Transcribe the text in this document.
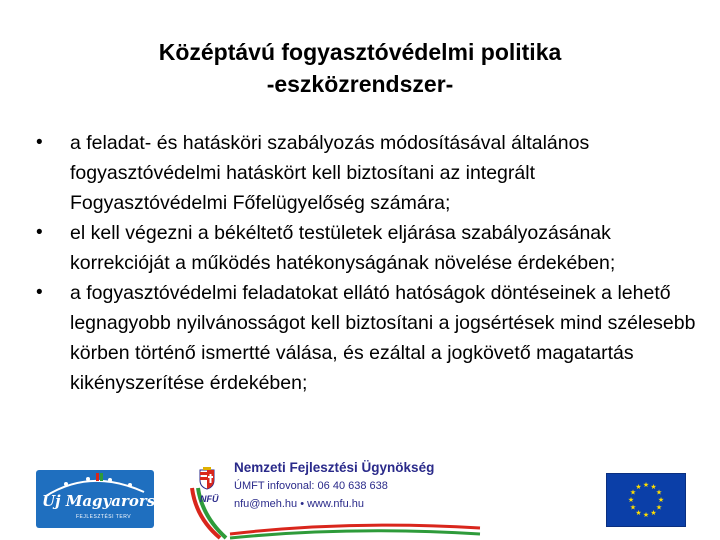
Középtávú fogyasztóvédelmi politika
-eszközrendszer-
•	a feladat- és hatásköri szabályozás módosításával általános fogyasztóvédelmi hatáskört kell biztosítani az integrált Fogyasztóvédelmi Főfelügyelőség számára;
•	el kell végezni a békéltető testületek eljárása szabályozásának korrekcióját a működés hatékonyságának növelése érdekében;
•	a fogyasztóvédelmi feladatokat ellátó hatóságok döntéseinek a lehető legnagyobb nyilvánosságot kell biztosítani a jogsértések mind szélesebb körben történő ismertté válása, és ezáltal a jogkövető magatartás kikényszerítése érdekében;
Új Magyarország
FEJLESZTÉSI TERV
NFÜ
Nemzeti Fejlesztési Ügynökség
ÚMFT infovonal: 06 40 638 638
nfu@meh.hu • www.nfu.hu
★ ★
★
★
★
★
★
★
★
★
★
★
